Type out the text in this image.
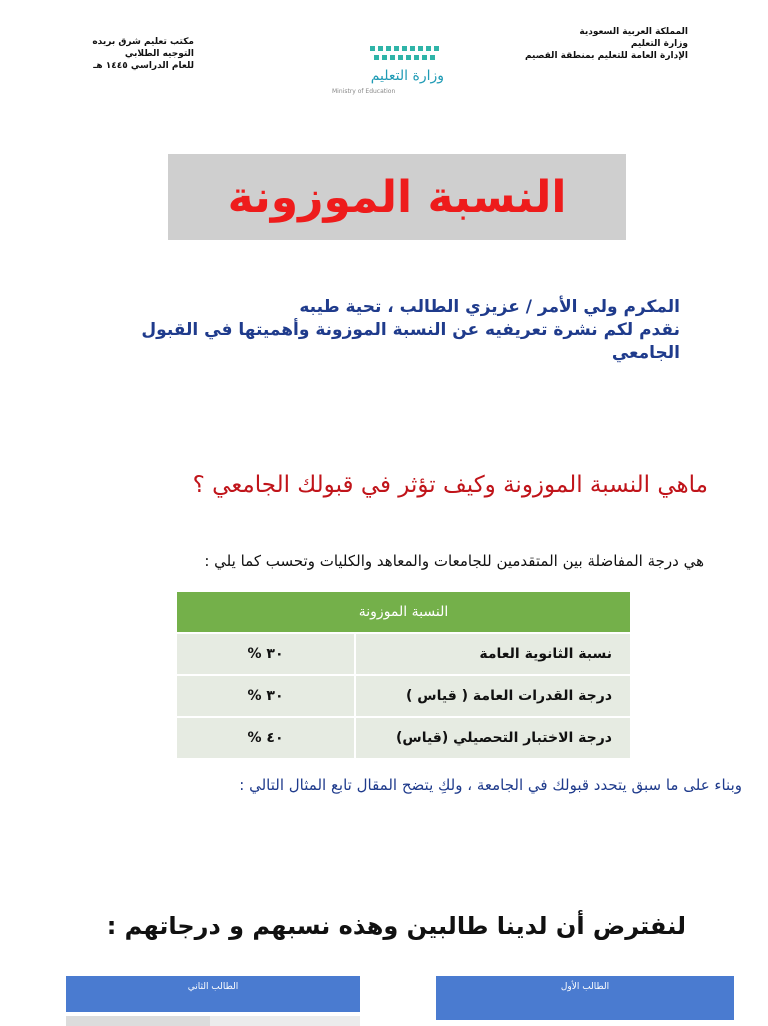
المملكة العربية السعودية
وزارة التعليم
الإدارة العامة للتعليم بمنطقة القصيم
وزارة التعليم
Ministry of Education
مكتب تعليم شرق بريده
التوجيه الطلابي
للعام الدراسي ١٤٤٥ هـ
النسبة الموزونة
المكرم ولي الأمر / عزيزي الطالب ، تحية طيبه
نقدم لكم نشرة تعريفيه عن النسبة الموزونة وأهميتها في القبول الجامعي
ماهي النسبة الموزونة وكيف تؤثر في قبولك الجامعي ؟
هي درجة المفاضلة بين المتقدمين للجامعات والمعاهد والكليات وتحسب كما يلي :
النسبة الموزونة	
نسبة الثانوية العامة	٣٠ %
درجة القدرات العامة ( قياس )	٣٠ %
درجة الاختبار التحصيلي (قياس)	٤٠ %
وبناء على ما سبق يتحدد قبولك في الجامعة ، ولكِ يتضح المقال تابع المثال التالي :
لنفترض أن لدينا طالبين وهذه نسبهم و درجاتهم :
الطالب الثاني	الطالب الأول
